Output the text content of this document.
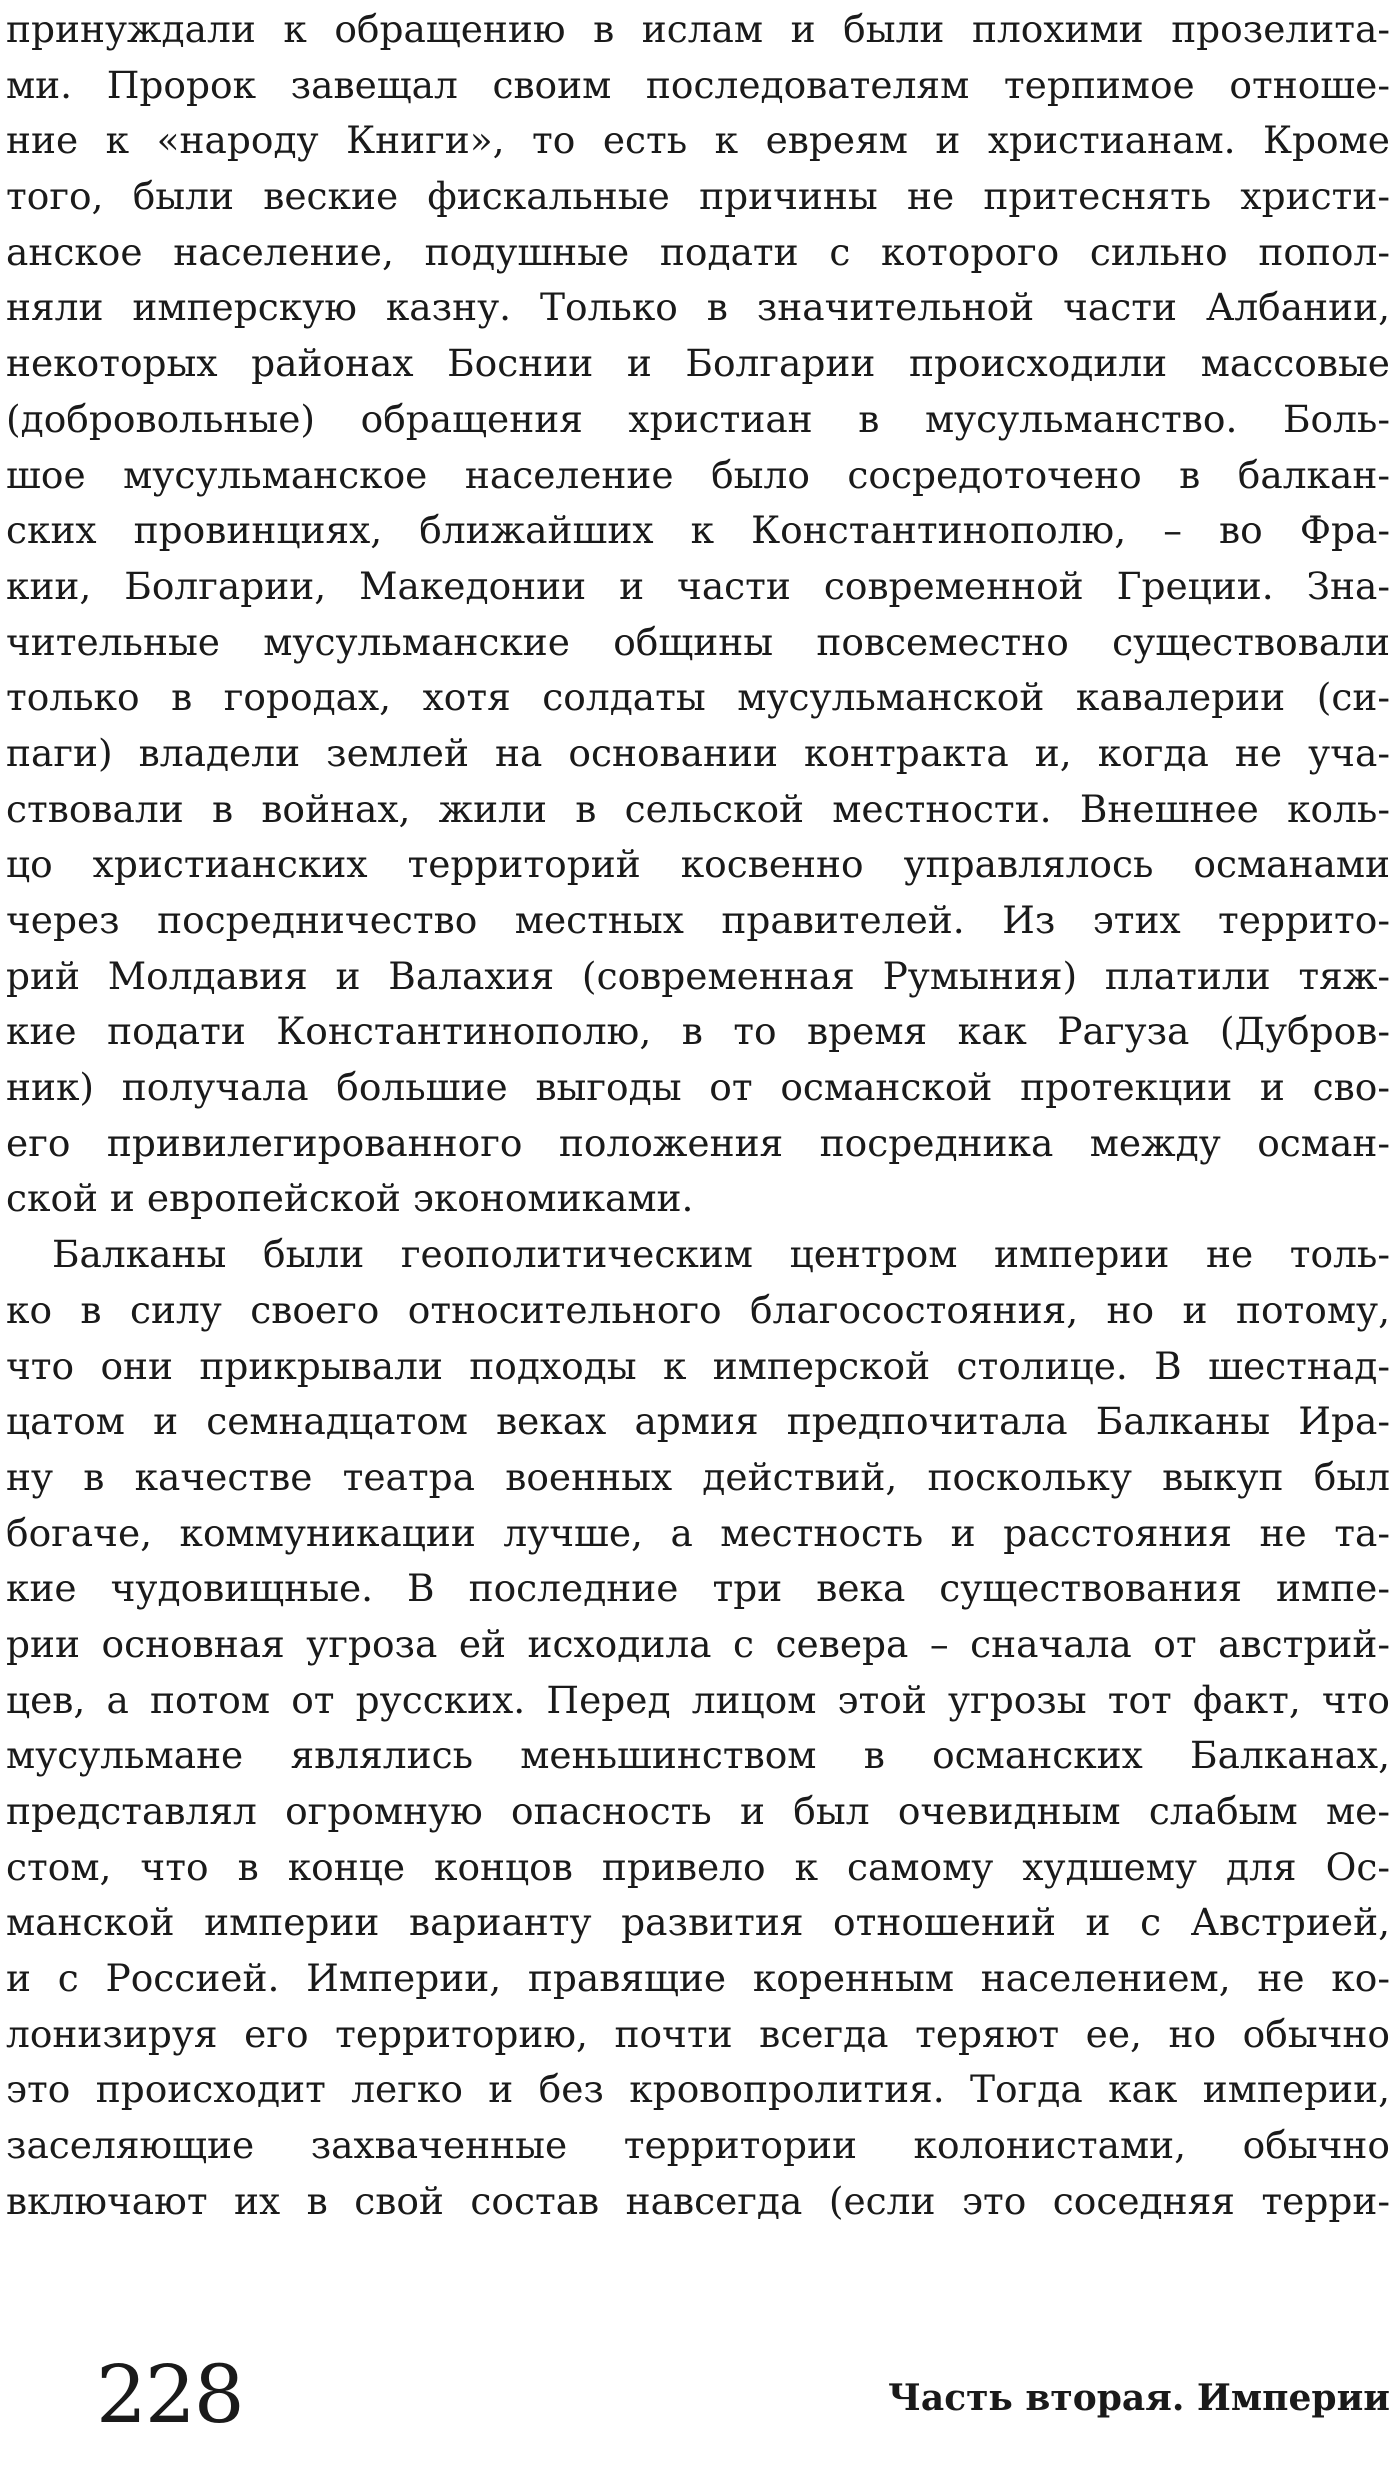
принуждали к обращению в ислам и были плохими прозелита-
ми. Пророк завещал своим последователям терпимое отноше-
ние к «народу Книги», то есть к евреям и христианам. Кроме
того, были веские фискальные причины не притеснять христи-
анское население, подушные подати с которого сильно попол-
няли имперскую казну. Только в значительной части Албании,
некоторых районах Боснии и Болгарии происходили массовые
(добровольные) обращения христиан в мусульманство. Боль-
шое мусульманское население было сосредоточено в балкан-
ских провинциях, ближайших к Константинополю, – во Фра-
кии, Болгарии, Македонии и части современной Греции. Зна-
чительные мусульманские общины повсеместно существовали
только в городах, хотя солдаты мусульманской кавалерии (си-
паги) владели землей на основании контракта и, когда не уча-
ствовали в войнах, жили в сельской местности. Внешнее коль-
цо христианских территорий косвенно управлялось османами
через посредничество местных правителей. Из этих террито-
рий Молдавия и Валахия (современная Румыния) платили тяж-
кие подати Константинополю, в то время как Рагуза (Дубров-
ник) получала большие выгоды от османской протекции и сво-
его привилегированного положения посредника между осман-
ской и европейской экономиками.
Балканы были геополитическим центром империи не толь-
ко в силу своего относительного благосостояния, но и потому,
что они прикрывали подходы к имперской столице. В шестнад-
цатом и семнадцатом веках армия предпочитала Балканы Ира-
ну в качестве театра военных действий, поскольку выкуп был
богаче, коммуникации лучше, а местность и расстояния не та-
кие чудовищные. В последние три века существования импе-
рии основная угроза ей исходила с севера – сначала от австрий-
цев, а потом от русских. Перед лицом этой угрозы тот факт, что
мусульмане являлись меньшинством в османских Балканах,
представлял огромную опасность и был очевидным слабым ме-
стом, что в конце концов привело к самому худшему для Ос-
манской империи варианту развития отношений и с Австрией,
и с Россией. Империи, правящие коренным населением, не ко-
лонизируя его территорию, почти всегда теряют ее, но обычно
это происходит легко и без кровопролития. Тогда как империи,
заселяющие захваченные территории колонистами, обычно
включают их в свой состав навсегда (если это соседняя терри-
228	Часть вторая. Империи
